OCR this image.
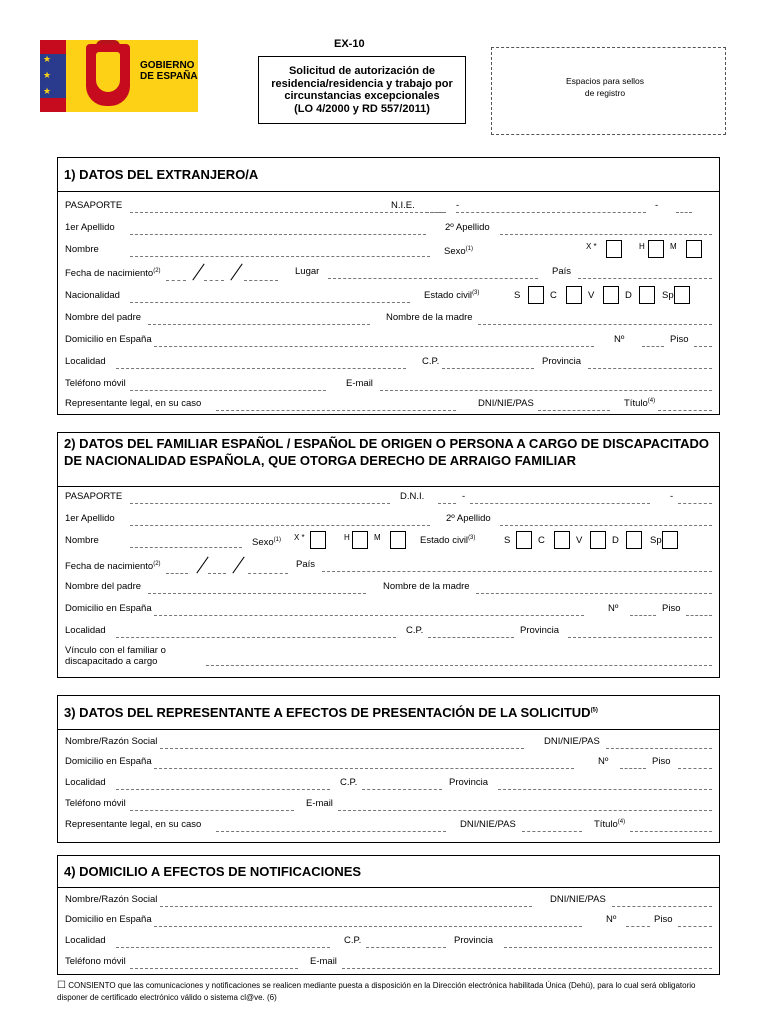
★
★
★
GOBIERNO
DE ESPAÑA
EX-10
Solicitud de autorización de
residencia/residencia y trabajo por
circunstancias excepcionales
(LO 4/2000 y RD 557/2011)
Espacios para sellos
de registro
1) DATOS DEL EXTRANJERO/A
PASAPORTE	N.I.E.	-	-
1er Apellido	2º Apellido
Nombre	Sexo$^{(1)}$	X *	H	M
Fecha de nacimiento$^{(2)}$	Lugar	País
Nacionalidad	Estado civil$^{(3)}$	S	C	V	D	Sp
Nombre del padre	Nombre de la madre
Domicilio en España	Nº	Piso
Localidad	C.P.	Provincia
Teléfono móvil	E-mail
Representante legal, en su caso	DNI/NIE/PAS	Título$^{(4)}$
2) DATOS DEL FAMILIAR ESPAÑOL / ESPAÑOL DE ORIGEN O PERSONA A CARGO DE DISCAPACITADO DE NACIONALIDAD ESPAÑOLA, QUE OTORGA DERECHO DE ARRAIGO FAMILIAR
PASAPORTE	D.N.I.	-	-
1er Apellido	2º Apellido
Nombre	Sexo$^{(1)}$ X *	H	M	Estado civil$^{(3)}$	S	C	V	D	Sp
Fecha de nacimiento$^{(2)}$	País
Nombre del padre	Nombre de la madre
Domicilio en España	Nº	Piso
Localidad	C.P.	Provincia
Vínculo con el familiar o
discapacitado a cargo
3) DATOS DEL REPRESENTANTE A EFECTOS DE PRESENTACIÓN DE LA SOLICITUD$^{(5)}$
Nombre/Razón Social	DNI/NIE/PAS
Domicilio en España	Nº	Piso
Localidad	C.P.	Provincia
Teléfono móvil	E-mail
Representante legal, en su caso	DNI/NIE/PAS	Título$^{(4)}$
4) DOMICILIO A EFECTOS DE NOTIFICACIONES
Nombre/Razón Social	DNI/NIE/PAS
Domicilio en España	Nº	Piso
Localidad	C.P.	Provincia
Teléfono móvil	E-mail
☐ CONSIENTO que las comunicaciones y notificaciones se realicen mediante puesta a disposición en la Dirección electrónica habilitada Única (Dehú), para lo cual será obligatorio disponer de certificado electrónico válido o sistema cl@ve. (6)
